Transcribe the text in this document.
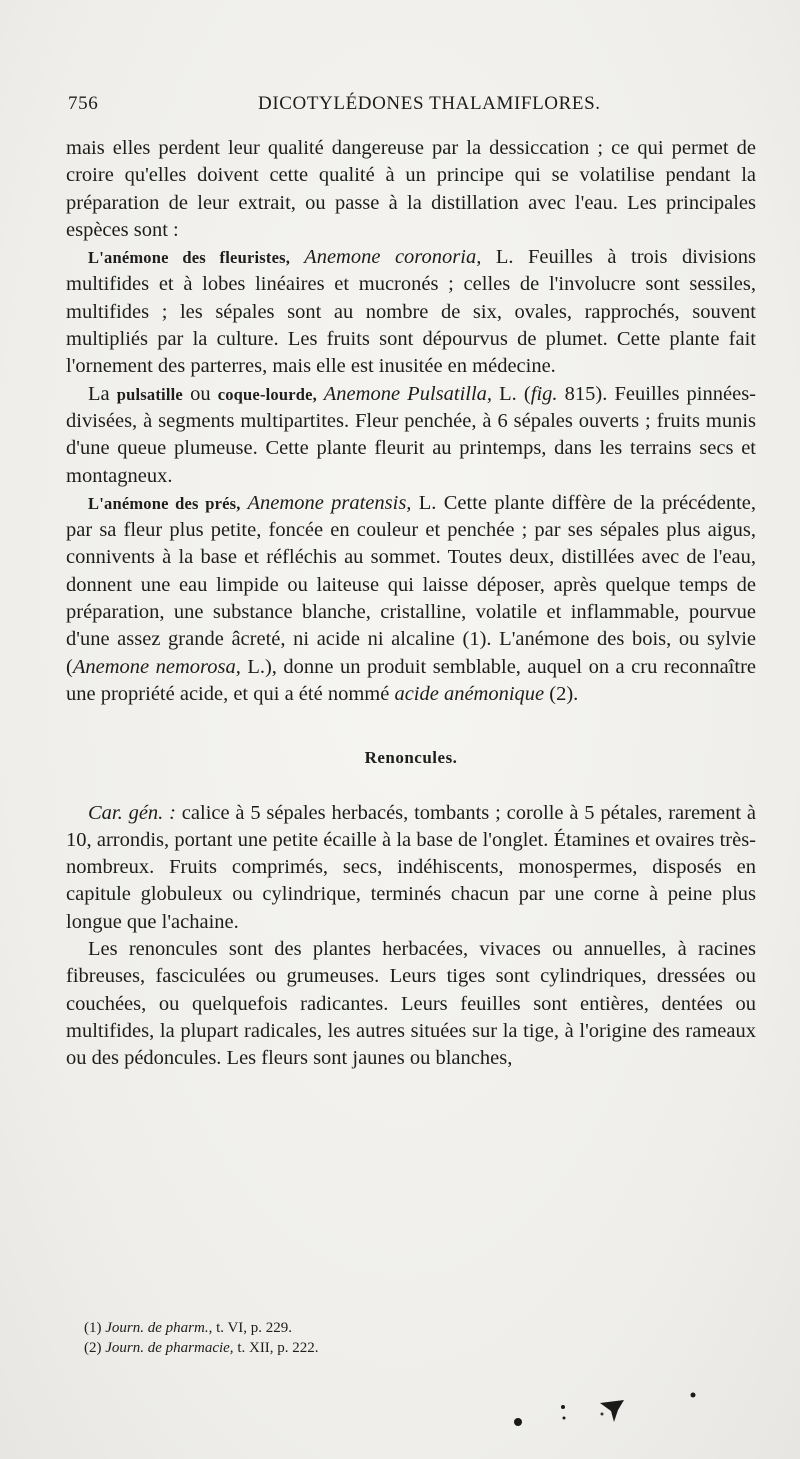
756	DICOTYLÉDONES THALAMIFLORES.

mais elles perdent leur qualité dangereuse par la dessiccation ; ce qui permet de croire qu'elles doivent cette qualité à un principe qui se volatilise pendant la préparation de leur extrait, ou passe à la distillation avec l'eau. Les principales espèces sont :

L'anémone des fleuristes, Anemone coronoria, L. Feuilles à trois divisions multifides et à lobes linéaires et mucronés ; celles de l'involucre sont sessiles, multifides ; les sépales sont au nombre de six, ovales, rapprochés, souvent multipliés par la culture. Les fruits sont dépourvus de plumet. Cette plante fait l'ornement des parterres, mais elle est inusitée en médecine.

La pulsatille ou coque-lourde, Anemone Pulsatilla, L. (fig. 815). Feuilles pinnées-divisées, à segments multipartites. Fleur penchée, à 6 sépales ouverts ; fruits munis d'une queue plumeuse. Cette plante fleurit au printemps, dans les terrains secs et montagneux.

L'anémone des prés, Anemone pratensis, L. Cette plante diffère de la précédente, par sa fleur plus petite, foncée en couleur et penchée ; par ses sépales plus aigus, connivents à la base et réfléchis au sommet. Toutes deux, distillées avec de l'eau, donnent une eau limpide ou laiteuse qui laisse déposer, après quelque temps de préparation, une substance blanche, cristalline, volatile et inflammable, pourvue d'une assez grande âcreté, ni acide ni alcaline (1). L'anémone des bois, ou sylvie (Anemone nemorosa, L.), donne un produit semblable, auquel on a cru reconnaître une propriété acide, et qui a été nommé acide anémonique (2).

Renoncules.

Car. gén. : calice à 5 sépales herbacés, tombants ; corolle à 5 pétales, rarement à 10, arrondis, portant une petite écaille à la base de l'onglet. Étamines et ovaires très-nombreux. Fruits comprimés, secs, indéhiscents, monospermes, disposés en capitule globuleux ou cylindrique, terminés chacun par une corne à peine plus longue que l'achaine.

Les renoncules sont des plantes herbacées, vivaces ou annuelles, à racines fibreuses, fasciculées ou grumeuses. Leurs tiges sont cylindriques, dressées ou couchées, ou quelquefois radicantes. Leurs feuilles sont entières, dentées ou multifides, la plupart radicales, les autres situées sur la tige, à l'origine des rameaux ou des pédoncules. Les fleurs sont jaunes ou blanches,

(1) Journ. de pharm., t. VI, p. 229.

(2) Journ. de pharmacie, t. XII, p. 222.
